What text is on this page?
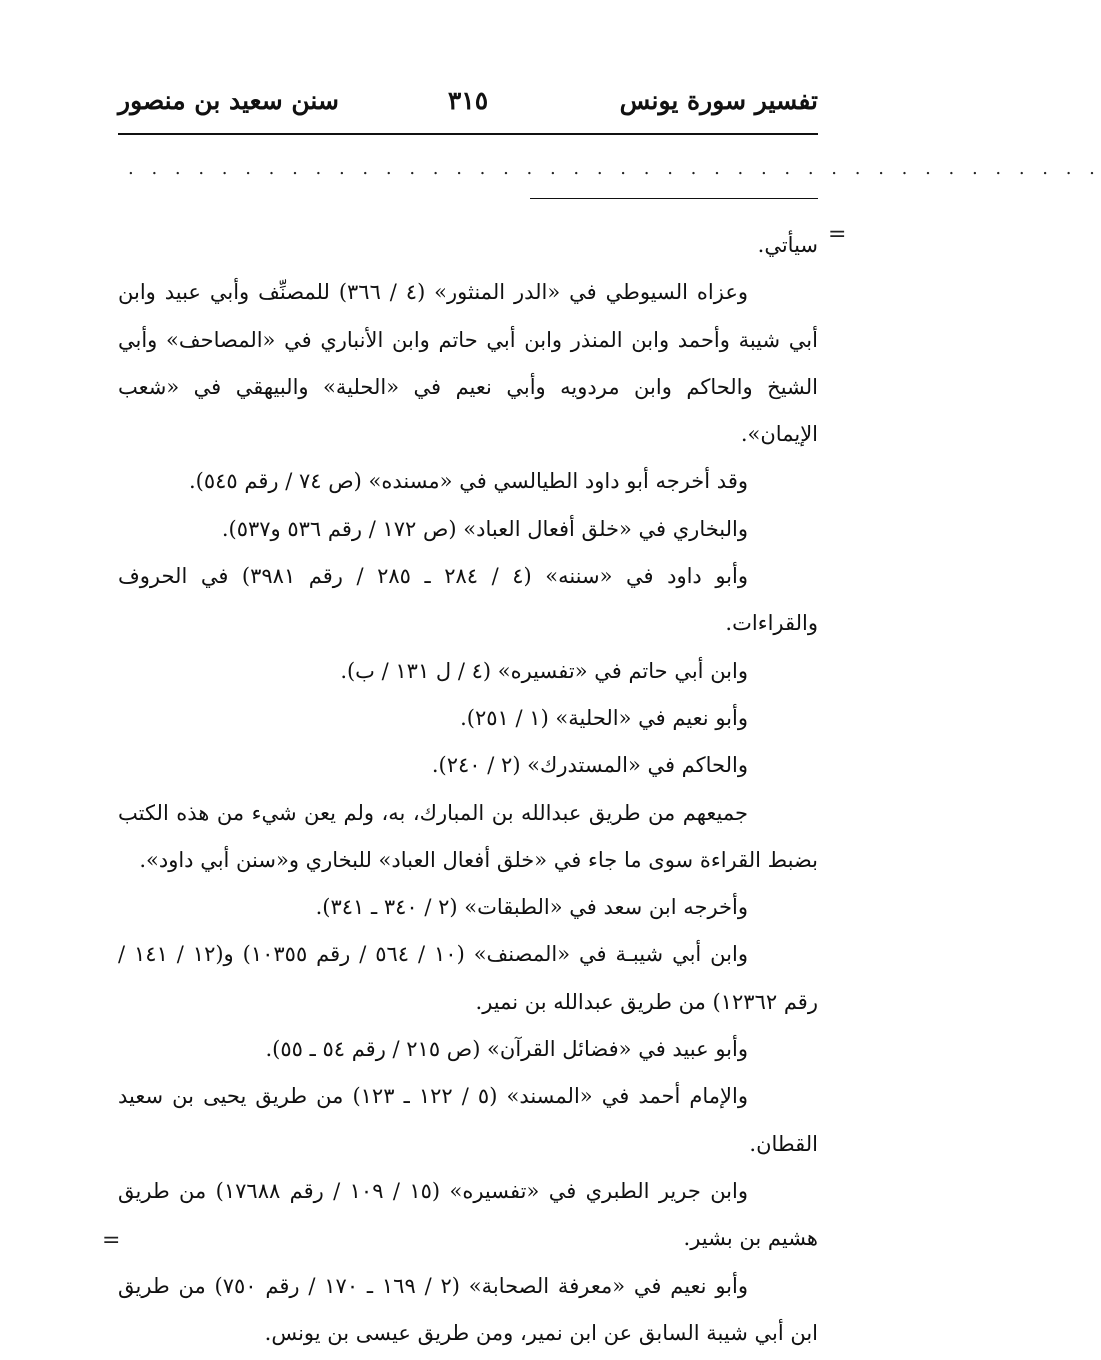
تفسير سورة يونس
٣١٥
سنن سعيد بن منصور
. . . . . . . . . . . . . . . . . . . . . . . . . . . . . . . . . . . . . . . . . .
=

سيأتي.

وعزاه السيوطي في «الدر المنثور» (٤ / ٣٦٦) للمصنِّف وأبي عبيد وابن أبي شيبة وأحمد وابن المنذر وابن أبي حاتم وابن الأنباري في «المصاحف» وأبي الشيخ والحاكم وابن مردويه وأبي نعيم في «الحلية» والبيهقي في «شعب الإيمان».

وقد أخرجه أبو داود الطيالسي في «مسنده» (ص ٧٤ / رقم ٥٤٥).

والبخاري في «خلق أفعال العباد» (ص ١٧٢ / رقم ٥٣٦ و٥٣٧).

وأبو داود في «سننه» (٤ / ٢٨٤ ـ ٢٨٥ / رقم ٣٩٨١) في الحروف والقراءات.

وابن أبي حاتم في «تفسيره» (٤ / ل ١٣١ / ب).

وأبو نعيم في «الحلية» (١ / ٢٥١).

والحاكم في «المستدرك» (٢ / ٢٤٠).

جميعهم من طريق عبدالله بن المبارك، به، ولم يعن شيء من هذه الكتب بضبط القراءة سوى ما جاء في «خلق أفعال العباد» للبخاري و«سنن أبي داود».

وأخرجه ابن سعد في «الطبقات» (٢ / ٣٤٠ ـ ٣٤١).

وابن أبي شيبـة في «المصنف» (١٠ / ٥٦٤ / رقم ١٠٣٥٥) و(١٢ / ١٤١ / رقم ١٢٣٦٢) من طريق عبدالله بن نمير.

وأبو عبيد في «فضائل القرآن» (ص ٢١٥ / رقم ٥٤ ـ ٥٥).

والإمام أحمد في «المسند» (٥ / ١٢٢ ـ ١٢٣) من طريق يحيى بن سعيد القطان.

وابن جرير الطبري في «تفسيره» (١٥ / ١٠٩ / رقم ١٧٦٨٨) من طريق هشيم بن بشير.

وأبو نعيم في «معرفة الصحابة» (٢ / ١٦٩ ـ ١٧٠ / رقم ٧٥٠) من طريق ابن أبي شيبة السابق عن ابن نمير، ومن طريق عيسى بن يونس.

=
